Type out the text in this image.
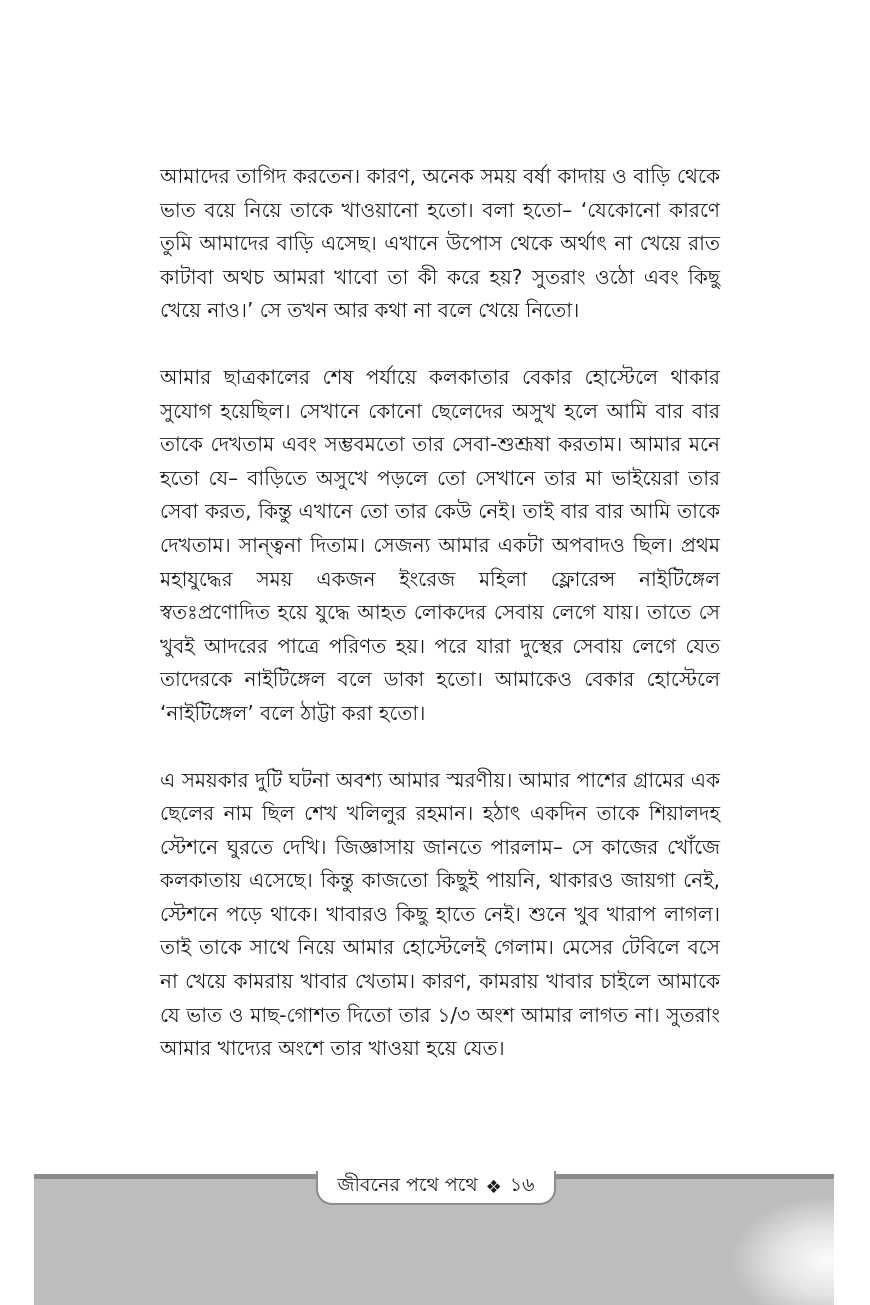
আমাদের তাগিদ করতেন। কারণ, অনেক সময় বর্ষা কাদায় ও বাড়ি থেকে ভাত বয়ে নিয়ে তাকে খাওয়ানো হতো। বলা হতো– ‘যেকোনো কারণে তুমি আমাদের বাড়ি এসেছ। এখানে উপোস থেকে অর্থাৎ না খেয়ে রাত কাটাবা অথচ আমরা খাবো তা কী করে হয়? সুতরাং ওঠো এবং কিছু খেয়ে নাও।’ সে তখন আর কথা না বলে খেয়ে নিতো।

আমার ছাত্রকালের শেষ পর্যায়ে কলকাতার বেকার হোস্টেলে থাকার সুযোগ হয়েছিল। সেখানে কোনো ছেলেদের অসুখ হলে আমি বার বার তাকে দেখতাম এবং সম্ভবমতো তার সেবা-শুশ্রূষা করতাম। আমার মনে হতো যে– বাড়িতে অসুখে পড়লে তো সেখানে তার মা ভাইয়েরা তার সেবা করত, কিন্তু এখানে তো তার কেউ নেই। তাই বার বার আমি তাকে দেখতাম। সান্ত্বনা দিতাম। সেজন্য আমার একটা অপবাদও ছিল। প্রথম মহাযুদ্ধের সময় একজন ইংরেজ মহিলা ফ্লোরেন্স নাইটিঙ্গেল স্বতঃপ্রণোদিত হয়ে যুদ্ধে আহত লোকদের সেবায় লেগে যায়। তাতে সে খুবই আদরের পাত্রে পরিণত হয়। পরে যারা দুস্থের সেবায় লেগে যেত তাদেরকে নাইটিঙ্গেল বলে ডাকা হতো। আমাকেও বেকার হোস্টেলে ‘নাইটিঙ্গেল’ বলে ঠাট্টা করা হতো।

এ সময়কার দুটি ঘটনা অবশ্য আমার স্মরণীয়। আমার পাশের গ্রামের এক ছেলের নাম ছিল শেখ খলিলুর রহমান। হঠাৎ একদিন তাকে শিয়ালদহ স্টেশনে ঘুরতে দেখি। জিজ্ঞাসায় জানতে পারলাম– সে কাজের খোঁজে কলকাতায় এসেছে। কিন্তু কাজতো কিছুই পায়নি, থাকারও জায়গা নেই, স্টেশনে পড়ে থাকে। খাবারও কিছু হাতে নেই। শুনে খুব খারাপ লাগল। তাই তাকে সাথে নিয়ে আমার হোস্টেলেই গেলাম। মেসের টেবিলে বসে না খেয়ে কামরায় খাবার খেতাম। কারণ, কামরায় খাবার চাইলে আমাকে যে ভাত ও মাছ-গোশত দিতো তার ১/৩ অংশ আমার লাগত না। সুতরাং আমার খাদ্যের অংশে তার খাওয়া হয়ে যেত।

জীবনের পথে পথে ❖ ১৬
